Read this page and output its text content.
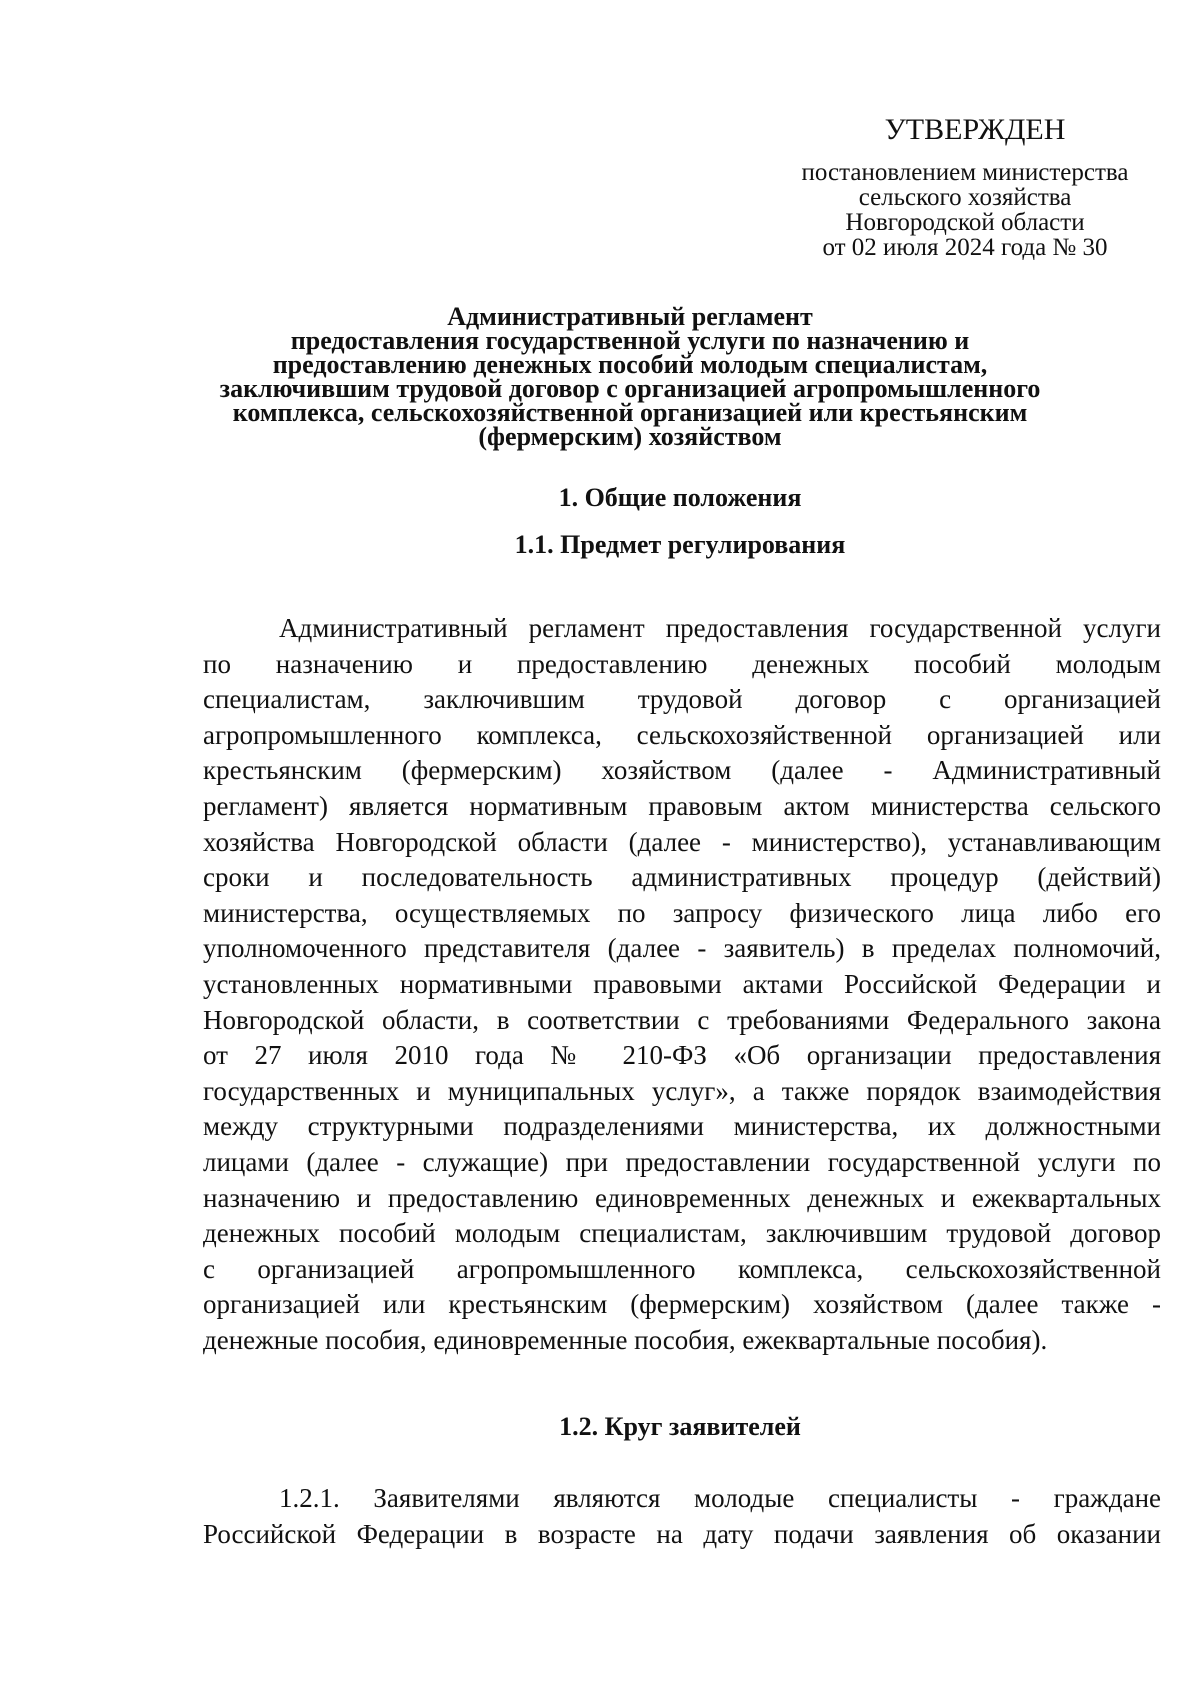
УТВЕРЖДЕН
постановлением министерства
сельского хозяйства
Новгородской области
от 02 июля 2024 года № 30
Административный регламент
предоставления государственной услуги по назначению и
предоставлению денежных пособий молодым специалистам,
заключившим трудовой договор с организацией агропромышленного
комплекса, сельскохозяйственной организацией или крестьянским
(фермерским) хозяйством
1. Общие положения
1.1. Предмет регулирования
Административный регламент предоставления государственной услуги
по назначению и предоставлению денежных пособий молодым
специалистам, заключившим трудовой договор с организацией
агропромышленного комплекса, сельскохозяйственной организацией или
крестьянским (фермерским) хозяйством (далее - Административный
регламент) является нормативным правовым актом министерства сельского
хозяйства Новгородской области (далее - министерство), устанавливающим
сроки и последовательность административных процедур (действий)
министерства, осуществляемых по запросу физического лица либо его
уполномоченного представителя (далее - заявитель) в пределах полномочий,
установленных нормативными правовыми актами Российской Федерации и
Новгородской области, в соответствии с требованиями Федерального закона
от 27 июля 2010 года № 210-ФЗ «Об организации предоставления
государственных и муниципальных услуг», а также порядок взаимодействия
между структурными подразделениями министерства, их должностными
лицами (далее - служащие) при предоставлении государственной услуги по
назначению и предоставлению единовременных денежных и ежеквартальных
денежных пособий молодым специалистам, заключившим трудовой договор
с организацией агропромышленного комплекса, сельскохозяйственной
организацией или крестьянским (фермерским) хозяйством (далее также -
денежные пособия, единовременные пособия, ежеквартальные пособия).
1.2. Круг заявителей
1.2.1. Заявителями являются молодые специалисты - граждане
Российской Федерации в возрасте на дату подачи заявления об оказании
